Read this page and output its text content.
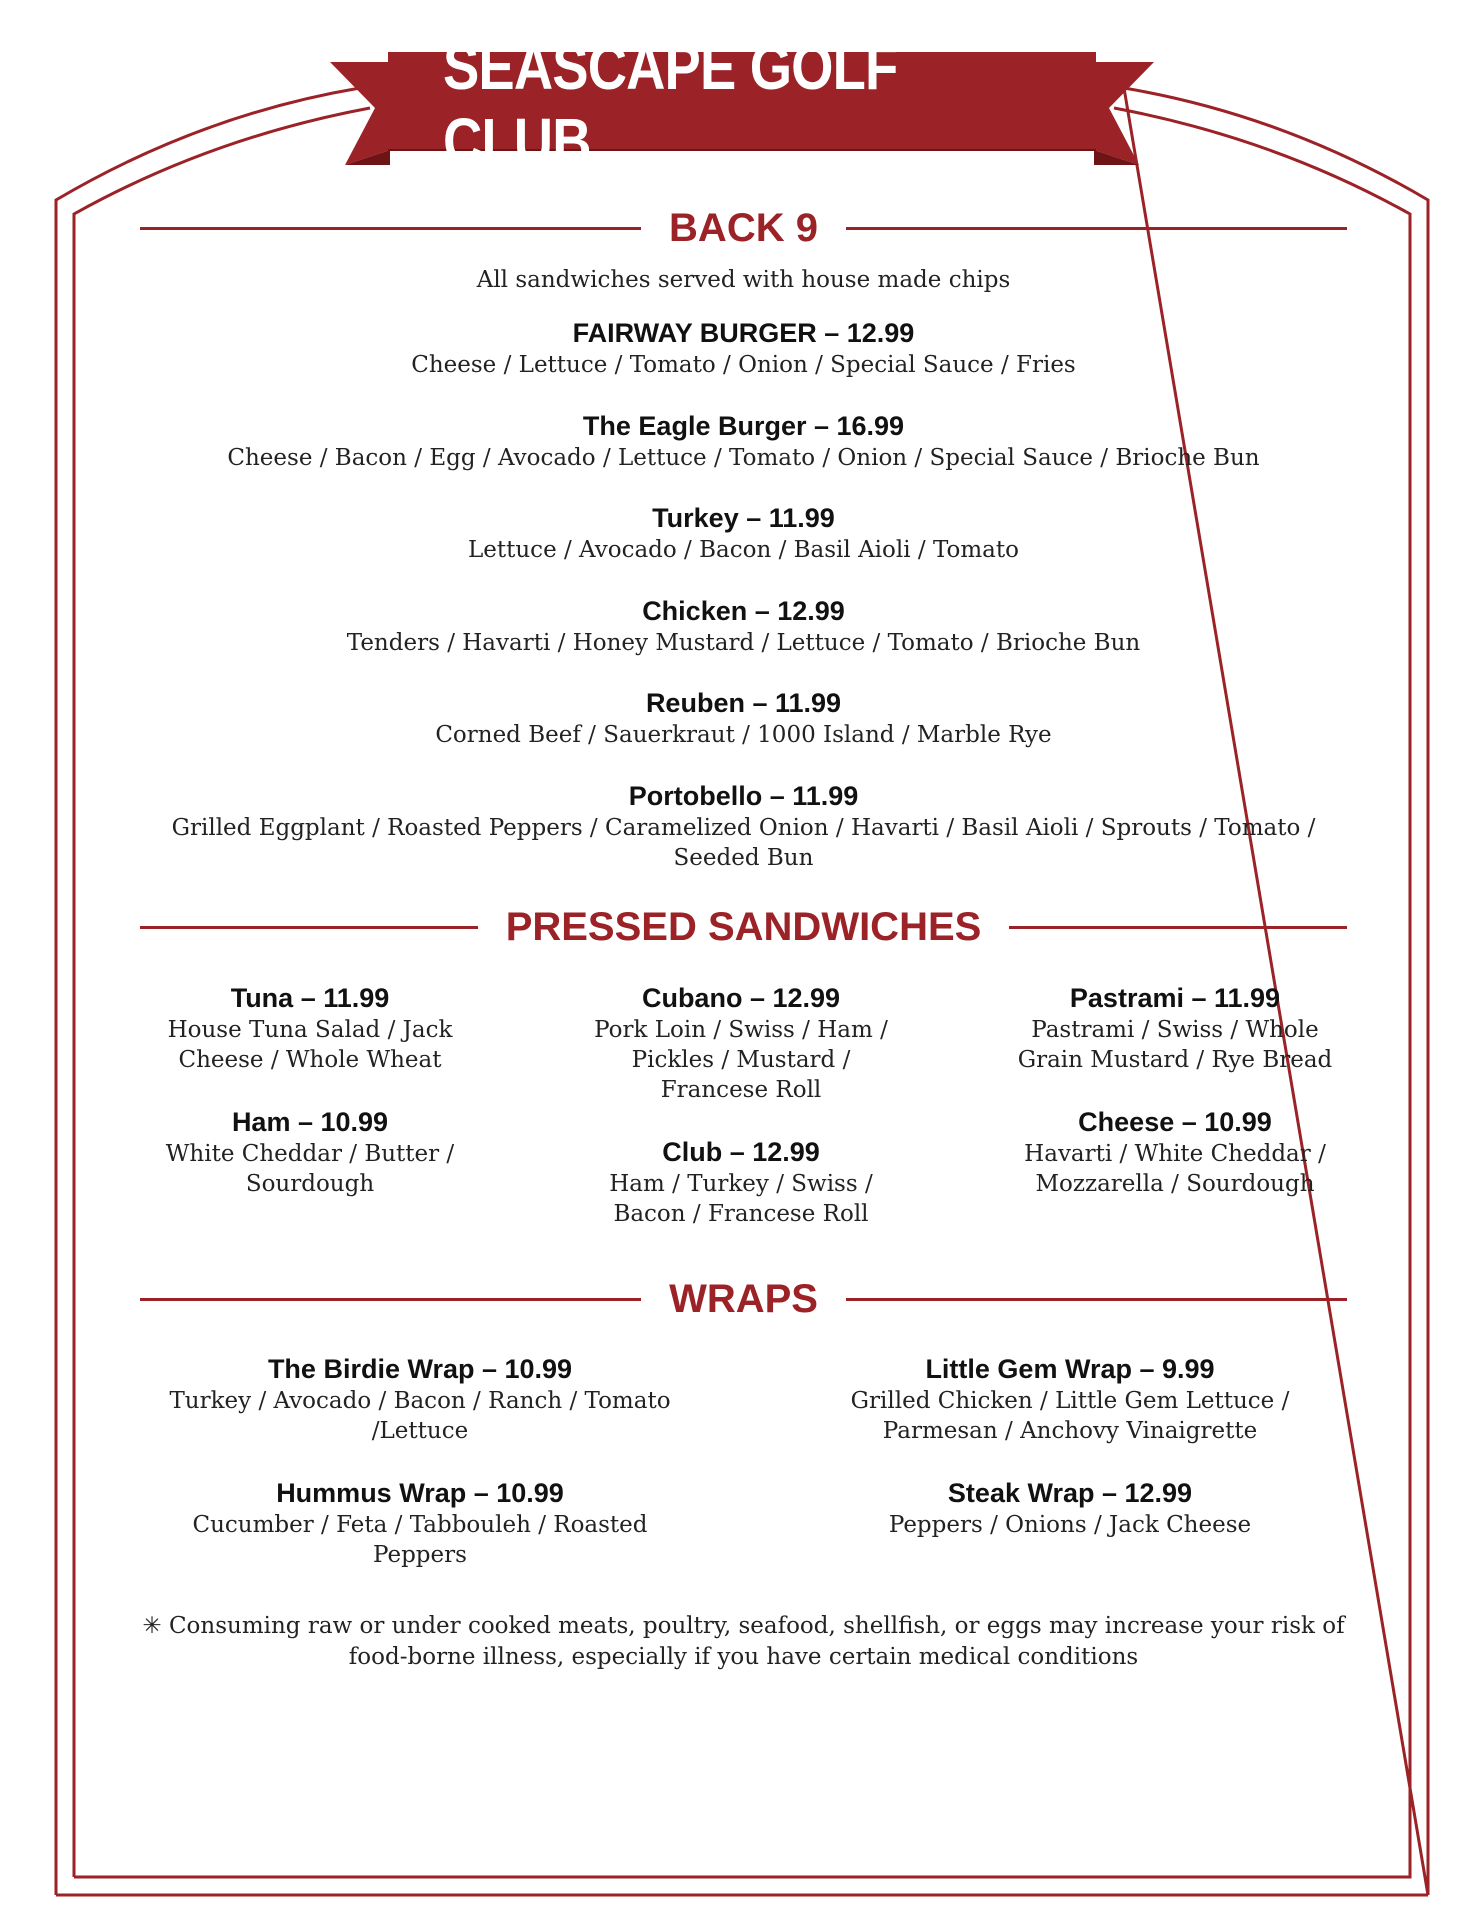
SEASCAPE GOLF CLUB
BACK 9
All sandwiches served with house made chips
FAIRWAY BURGER – 12.99
Cheese / Lettuce / Tomato / Onion / Special Sauce / Fries
The Eagle Burger – 16.99
Cheese / Bacon / Egg / Avocado / Lettuce / Tomato / Onion / Special Sauce / Brioche Bun
Turkey – 11.99
Lettuce / Avocado / Bacon / Basil Aioli / Tomato
Chicken – 12.99
Tenders / Havarti / Honey Mustard / Lettuce / Tomato / Brioche Bun
Reuben – 11.99
Corned Beef / Sauerkraut / 1000 Island / Marble Rye
Portobello – 11.99
Grilled Eggplant / Roasted Peppers / Caramelized Onion / Havarti / Basil Aioli / Sprouts / Tomato / Seeded Bun
PRESSED SANDWICHES
Tuna – 11.99
House Tuna Salad / Jack Cheese / Whole Wheat
Ham – 10.99
White Cheddar / Butter / Sourdough
Cubano – 12.99
Pork Loin / Swiss / Ham / Pickles / Mustard / Francese Roll
Club – 12.99
Ham / Turkey / Swiss / Bacon / Francese Roll
Pastrami – 11.99
Pastrami / Swiss / Whole Grain Mustard / Rye Bread
Cheese – 10.99
Havarti / White Cheddar / Mozzarella / Sourdough
WRAPS
The Birdie Wrap – 10.99
Turkey / Avocado / Bacon / Ranch / Tomato /Lettuce
Hummus Wrap – 10.99
Cucumber / Feta / Tabbouleh / Roasted Peppers
Little Gem Wrap – 9.99
Grilled Chicken / Little Gem Lettuce / Parmesan / Anchovy Vinaigrette
Steak Wrap – 12.99
Peppers / Onions / Jack Cheese
✳ Consuming raw or under cooked meats, poultry, seafood, shellfish, or eggs may increase your risk of food-borne illness, especially if you have certain medical conditions
